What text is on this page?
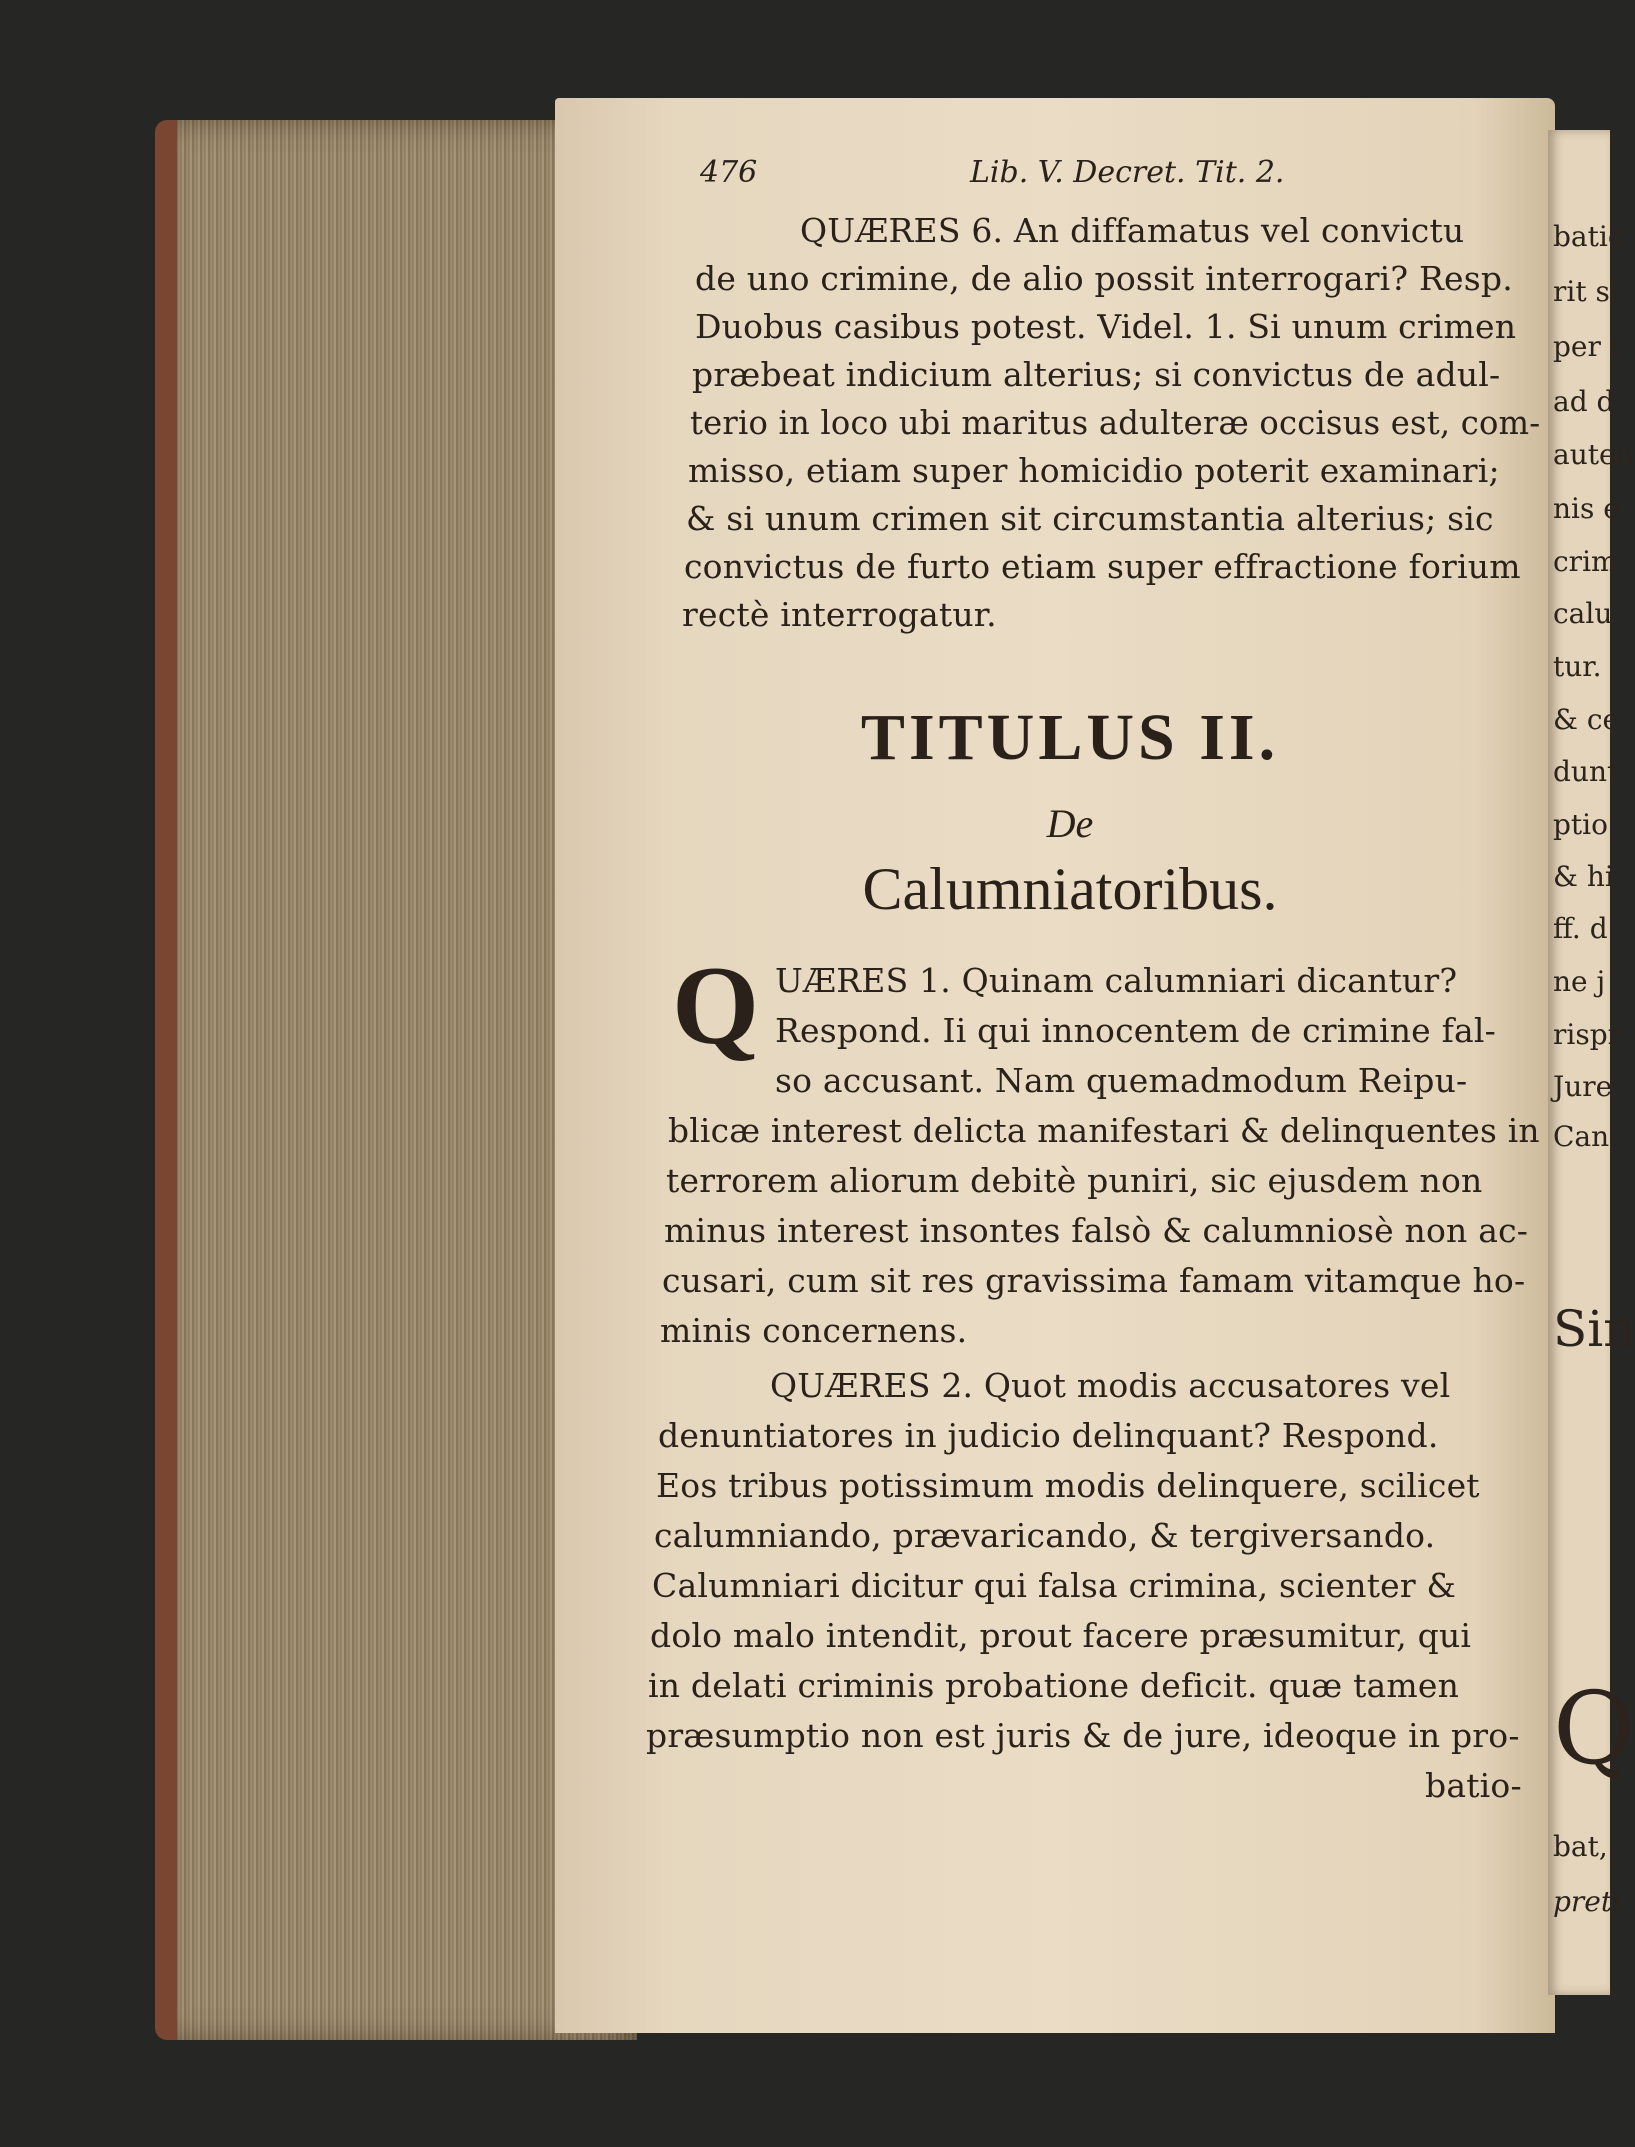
batic
rit si
per t
ad d
auten
nis e
crim
calu
tur.
& ce
dunt
ptio
& hi
ff. d
ne j
rispr
Jure
Can
Sin
Q
bat,
preti
476	Lib. V. Decret. Tit. 2.
QUÆRES 6. An diffamatus vel convictu
de uno crimine, de alio possit interrogari? Resp.
Duobus casibus potest. Videl. 1. Si unum crimen
præbeat indicium alterius; si convictus de adul-
terio in loco ubi maritus adulteræ occisus est, com-
misso, etiam super homicidio poterit examinari;
& si unum crimen sit circumstantia alterius; sic
convictus de furto etiam super effractione forium
rectè interrogatur.
TITULUS II.
De
Calumniatoribus.
Q UÆRES 1. Quinam calumniari dicantur?
Respond. Ii qui innocentem de crimine fal-
so accusant. Nam quemadmodum Reipu-
blicæ interest delicta manifestari & delinquentes in
terrorem aliorum debitè puniri, sic ejusdem non
minus interest insontes falsò & calumniosè non ac-
cusari, cum sit res gravissima famam vitamque ho-
minis concernens.
QUÆRES 2. Quot modis accusatores vel
denuntiatores in judicio delinquant? Respond.
Eos tribus potissimum modis delinquere, scilicet
calumniando, prævaricando, & tergiversando.
Calumniari dicitur qui falsa crimina, scienter &
dolo malo intendit, prout facere præsumitur, qui
in delati criminis probatione deficit. quæ tamen
præsumptio non est juris & de jure, ideoque in pro-
batio-
